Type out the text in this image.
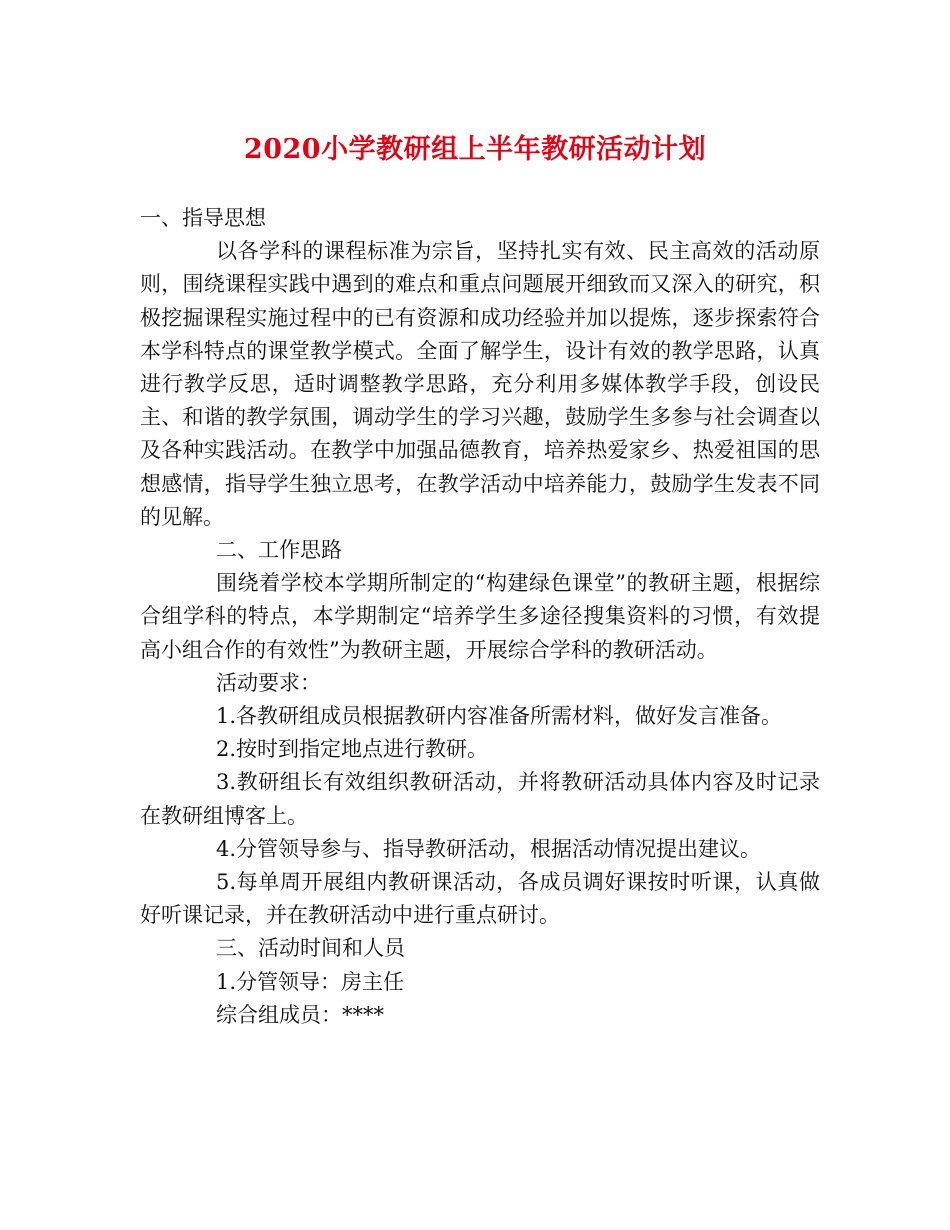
2020小学教研组上半年教研活动计划

一、指导思想

以各学科的课程标准为宗旨，坚持扎实有效、民主高效的活动原则，围绕课程实践中遇到的难点和重点问题展开细致而又深入的研究，积极挖掘课程实施过程中的已有资源和成功经验并加以提炼，逐步探索符合本学科特点的课堂教学模式。全面了解学生，设计有效的教学思路，认真进行教学反思，适时调整教学思路，充分利用多媒体教学手段，创设民主、和谐的教学氛围，调动学生的学习兴趣，鼓励学生多参与社会调查以及各种实践活动。在教学中加强品德教育，培养热爱家乡、热爱祖国的思想感情，指导学生独立思考，在教学活动中培养能力，鼓励学生发表不同的见解。

二、工作思路

围绕着学校本学期所制定的“构建绿色课堂”的教研主题，根据综合组学科的特点，本学期制定“培养学生多途径搜集资料的习惯，有效提高小组合作的有效性”为教研主题，开展综合学科的教研活动。

活动要求：

1.各教研组成员根据教研内容准备所需材料，做好发言准备。

2.按时到指定地点进行教研。

3.教研组长有效组织教研活动，并将教研活动具体内容及时记录在教研组博客上。

4.分管领导参与、指导教研活动，根据活动情况提出建议。

5.每单周开展组内教研课活动，各成员调好课按时听课，认真做好听课记录，并在教研活动中进行重点研讨。

三、活动时间和人员

1.分管领导：房主任

综合组成员：****
